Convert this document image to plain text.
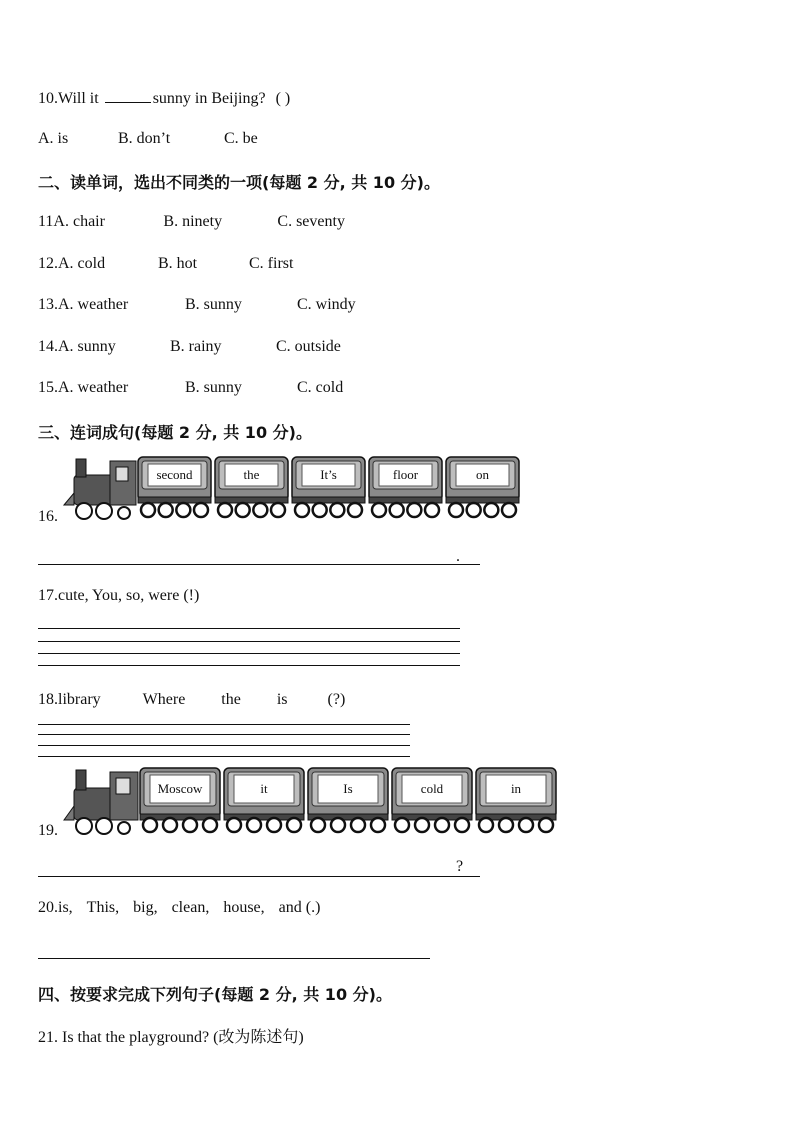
10.Will it	sunny in Beijing? ( )
A. is	B. don’t	C. be
二、读单词，选出不同类的一项(每题 2 分, 共 10 分)。
11A. chair	B. ninety	C. seventy
12.A. cold	B. hot	C. first
13.A. weather	B. sunny	C. windy
14.A. sunny	B. rainy	C. outside
15.A. weather	B. sunny	C. cold
三、连词成句(每题 2 分, 共 10 分)。
16.
second	the	It’s	floor	on
.
17.cute, You, so, were (!)
18.library	Where the is	(?)
19.
Moscow	it	Is	cold	in
?
20.is, This, big, clean, house, and (.)
四、按要求完成下列句子(每题 2 分, 共 10 分)。
21. Is that the playground? (改为陈述句)
